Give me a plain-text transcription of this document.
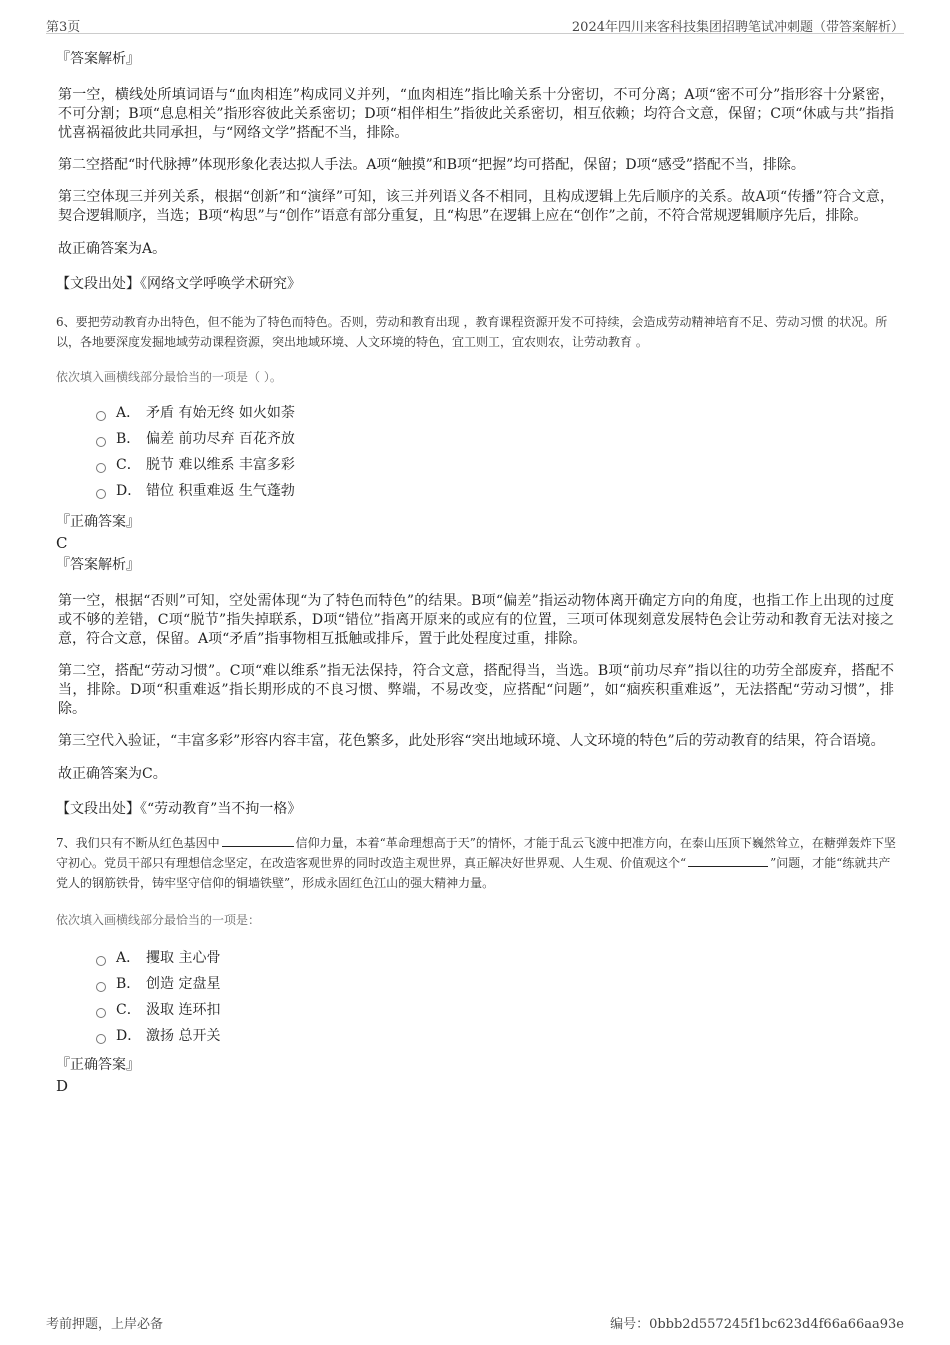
第3页	2024年四川来客科技集团招聘笔试冲刺题（带答案解析）
『答案解析』
第一空，横线处所填词语与“血肉相连”构成同义并列，“血肉相连”指比喻关系十分密切，不可分离；A项“密不可分”指形容十分紧密，不可分割；B项“息息相关”指形容彼此关系密切；D项“相伴相生”指彼此关系密切，相互依赖；均符合文意，保留；C项“休戚与共”指指忧喜祸福彼此共同承担，与“网络文学”搭配不当，排除。
第二空搭配“时代脉搏”体现形象化表达拟人手法。A项“触摸”和B项“把握”均可搭配，保留；D项“感受”搭配不当，排除。
第三空体现三并列关系，根据“创新”和“演绎”可知，该三并列语义各不相同，且构成逻辑上先后顺序的关系。故A项“传播”符合文意，契合逻辑顺序，当选；B项“构思”与“创作”语意有部分重复，且“构思”在逻辑上应在“创作”之前，不符合常规逻辑顺序先后，排除。
故正确答案为A。
【文段出处】《网络文学呼唤学术研究》
6、要把劳动教育办出特色，但不能为了特色而特色。否则，劳动和教育出现 ，教育课程资源开发不可持续，会造成劳动精神培育不足、劳动习惯 的状况。所以，各地要深度发掘地域劳动课程资源，突出地域环境、人文环境的特色，宜工则工，宜农则农，让劳动教育 。
依次填入画横线部分最恰当的一项是（ ）。
A． 矛盾 有始无终 如火如荼
B． 偏差 前功尽弃 百花齐放
C． 脱节 难以维系 丰富多彩
D． 错位 积重难返 生气蓬勃
『正确答案』
C
『答案解析』
第一空，根据“否则”可知，空处需体现“为了特色而特色”的结果。B项“偏差”指运动物体离开确定方向的角度，也指工作上出现的过度或不够的差错，C项“脱节”指失掉联系，D项“错位”指离开原来的或应有的位置，三项可体现刻意发展特色会让劳动和教育无法对接之意，符合文意，保留。A项“矛盾”指事物相互抵触或排斥，置于此处程度过重，排除。
第二空，搭配“劳动习惯”。C项“难以维系”指无法保持，符合文意，搭配得当，当选。B项“前功尽弃”指以往的功劳全部废弃，搭配不当，排除。D项“积重难返”指长期形成的不良习惯、弊端，不易改变，应搭配“问题”，如“痼疾积重难返”，无法搭配“劳动习惯”，排除。
第三空代入验证，“丰富多彩”形容内容丰富，花色繁多，此处形容“突出地域环境、人文环境的特色”后的劳动教育的结果，符合语境。
故正确答案为C。
【文段出处】《“劳动教育”当不拘一格》
7、我们只有不断从红色基因中	信仰力量，本着“革命理想高于天”的情怀，才能于乱云飞渡中把准方向，在泰山压顶下巍然耸立，在糖弹轰炸下坚守初心。党员干部只有理想信念坚定，在改造客观世界的同时改造主观世界，真正解决好世界观、人生观、价值观这个“	”问题，才能“练就共产党人的钢筋铁骨，铸牢坚守信仰的铜墙铁壁”，形成永固红色江山的强大精神力量。
依次填入画横线部分最恰当的一项是：
A． 攫取 主心骨
B． 创造 定盘星
C． 汲取 连环扣
D． 激扬 总开关
『正确答案』
D
考前押题，上岸必备	编号：0bbb2d557245f1bc623d4f66a66aa93e
